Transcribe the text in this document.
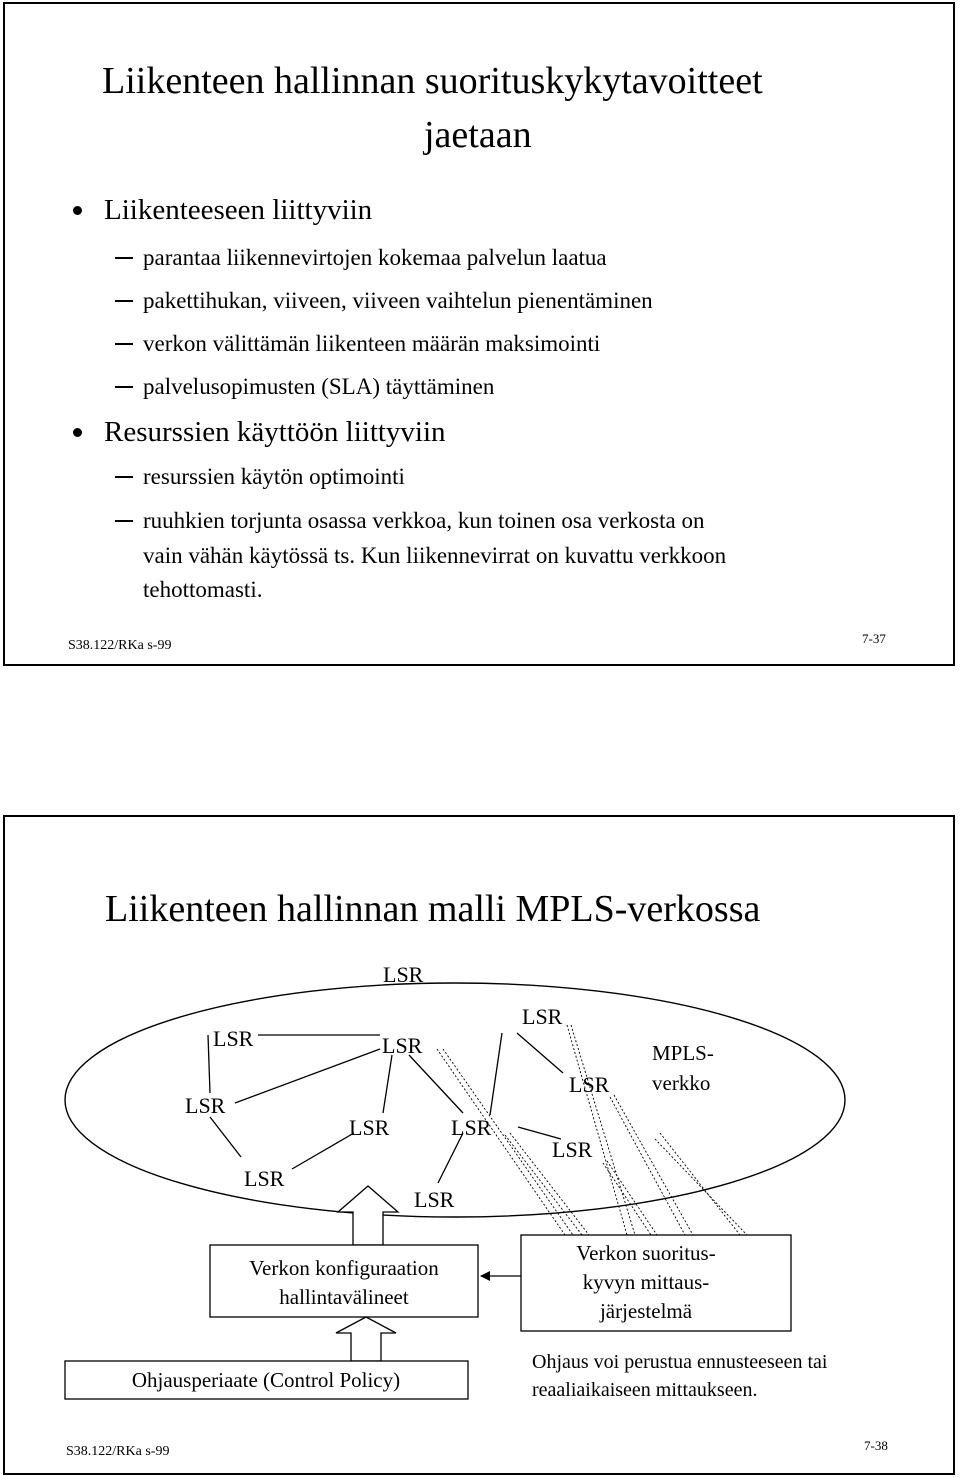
Liikenteen hallinnan suorituskykytavoitteet
jaetaan
Liikenteeseen liittyviin
parantaa liikennevirtojen kokemaa palvelun laatua
pakettihukan, viiveen, viiveen vaihtelun pienentäminen
verkon välittämän liikenteen määrän maksimointi
palvelusopimusten (SLA) täyttäminen
Resurssien käyttöön liittyviin
resurssien käytön optimointi
ruuhkien torjunta osassa verkkoa, kun toinen osa verkosta on
vain vähän käytössä ts. Kun liikennevirrat on kuvattu verkkoon
tehottomasti.
S38.122/RKa s-99	7-37
Liikenteen hallinnan malli MPLS-verkossa
LSR
LSR	LSR
LSR
LSR
LSR
LSR	LSR
LSR
LSR
LSR
MPLS-
verkko
Verkon konfiguraation
hallintavälineet
Verkon suoritus-
kyvyn mittaus-
järjestelmä
Ohjausperiaate (Control Policy)
Ohjaus voi perustua ennusteeseen tai
reaaliaikaiseen mittaukseen.
S38.122/RKa s-99	7-38
